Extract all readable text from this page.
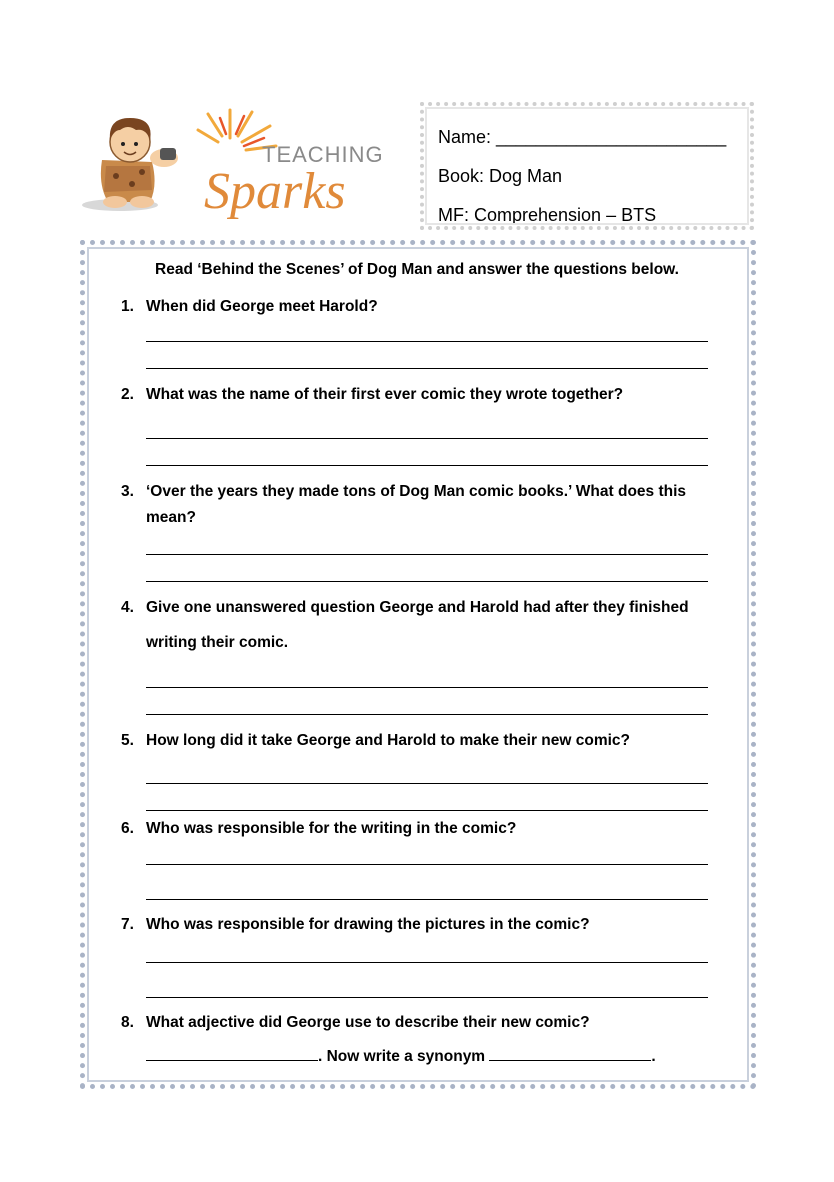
TEACHING
Sparks
Name: _______________________
Book: Dog Man
MF: Comprehension – BTS
Read ‘Behind the Scenes’ of Dog Man and answer the questions below.
1. When did George meet Harold?
2. What was the name of their first ever comic they wrote together?
3. ‘Over the years they made tons of Dog Man comic books.’ What does this mean?
4. Give one unanswered question George and Harold had after they finished
writing their comic.
5. How long did it take George and Harold to make their new comic?
6. Who was responsible for the writing in the comic?
7. Who was responsible for drawing the pictures in the comic?
8. What adjective did George use to describe their new comic?
. Now write a synonym	.
